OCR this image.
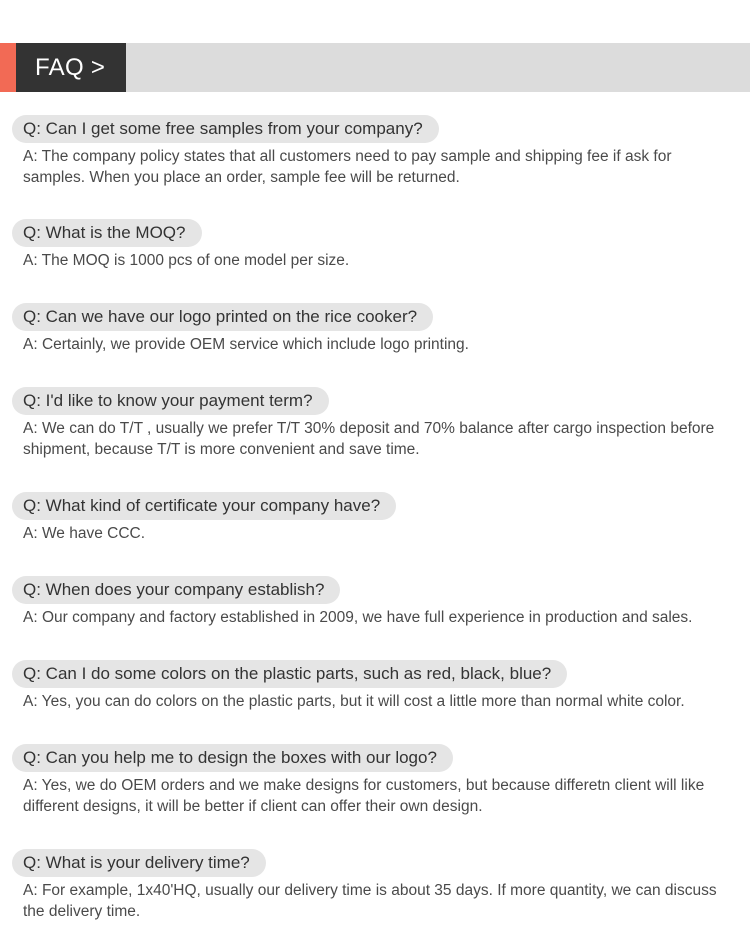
FAQ >
Q: Can I get some free samples from your company?
A: The company policy states that all customers need to pay sample and shipping fee if ask for samples. When you place an order, sample fee will be returned.
Q: What is the MOQ?
A: The MOQ is 1000 pcs of one model per size.
Q: Can we have our logo printed on the rice cooker?
A: Certainly, we provide OEM service which include logo printing.
Q: I'd like to know your payment term?
A: We can do T/T , usually we prefer T/T 30% deposit and 70% balance after cargo inspection before shipment, because T/T is more convenient and save time.
Q: What kind of certificate your company have?
A: We have CCC.
Q: When does your company establish?
A: Our company and factory established in 2009, we have full experience in production and sales.
Q: Can I do some colors on the plastic parts, such as red, black, blue?
A: Yes, you can do colors on the plastic parts, but it will cost a little more than normal white color.
Q: Can you help me to design the boxes with our logo?
A: Yes, we do OEM orders and we make designs for customers, but because differetn client will like different designs, it will be better if client can offer their own design.
Q: What is your delivery time?
A: For example, 1x40'HQ, usually our delivery time is about 35 days. If more quantity, we can discuss the delivery time.
